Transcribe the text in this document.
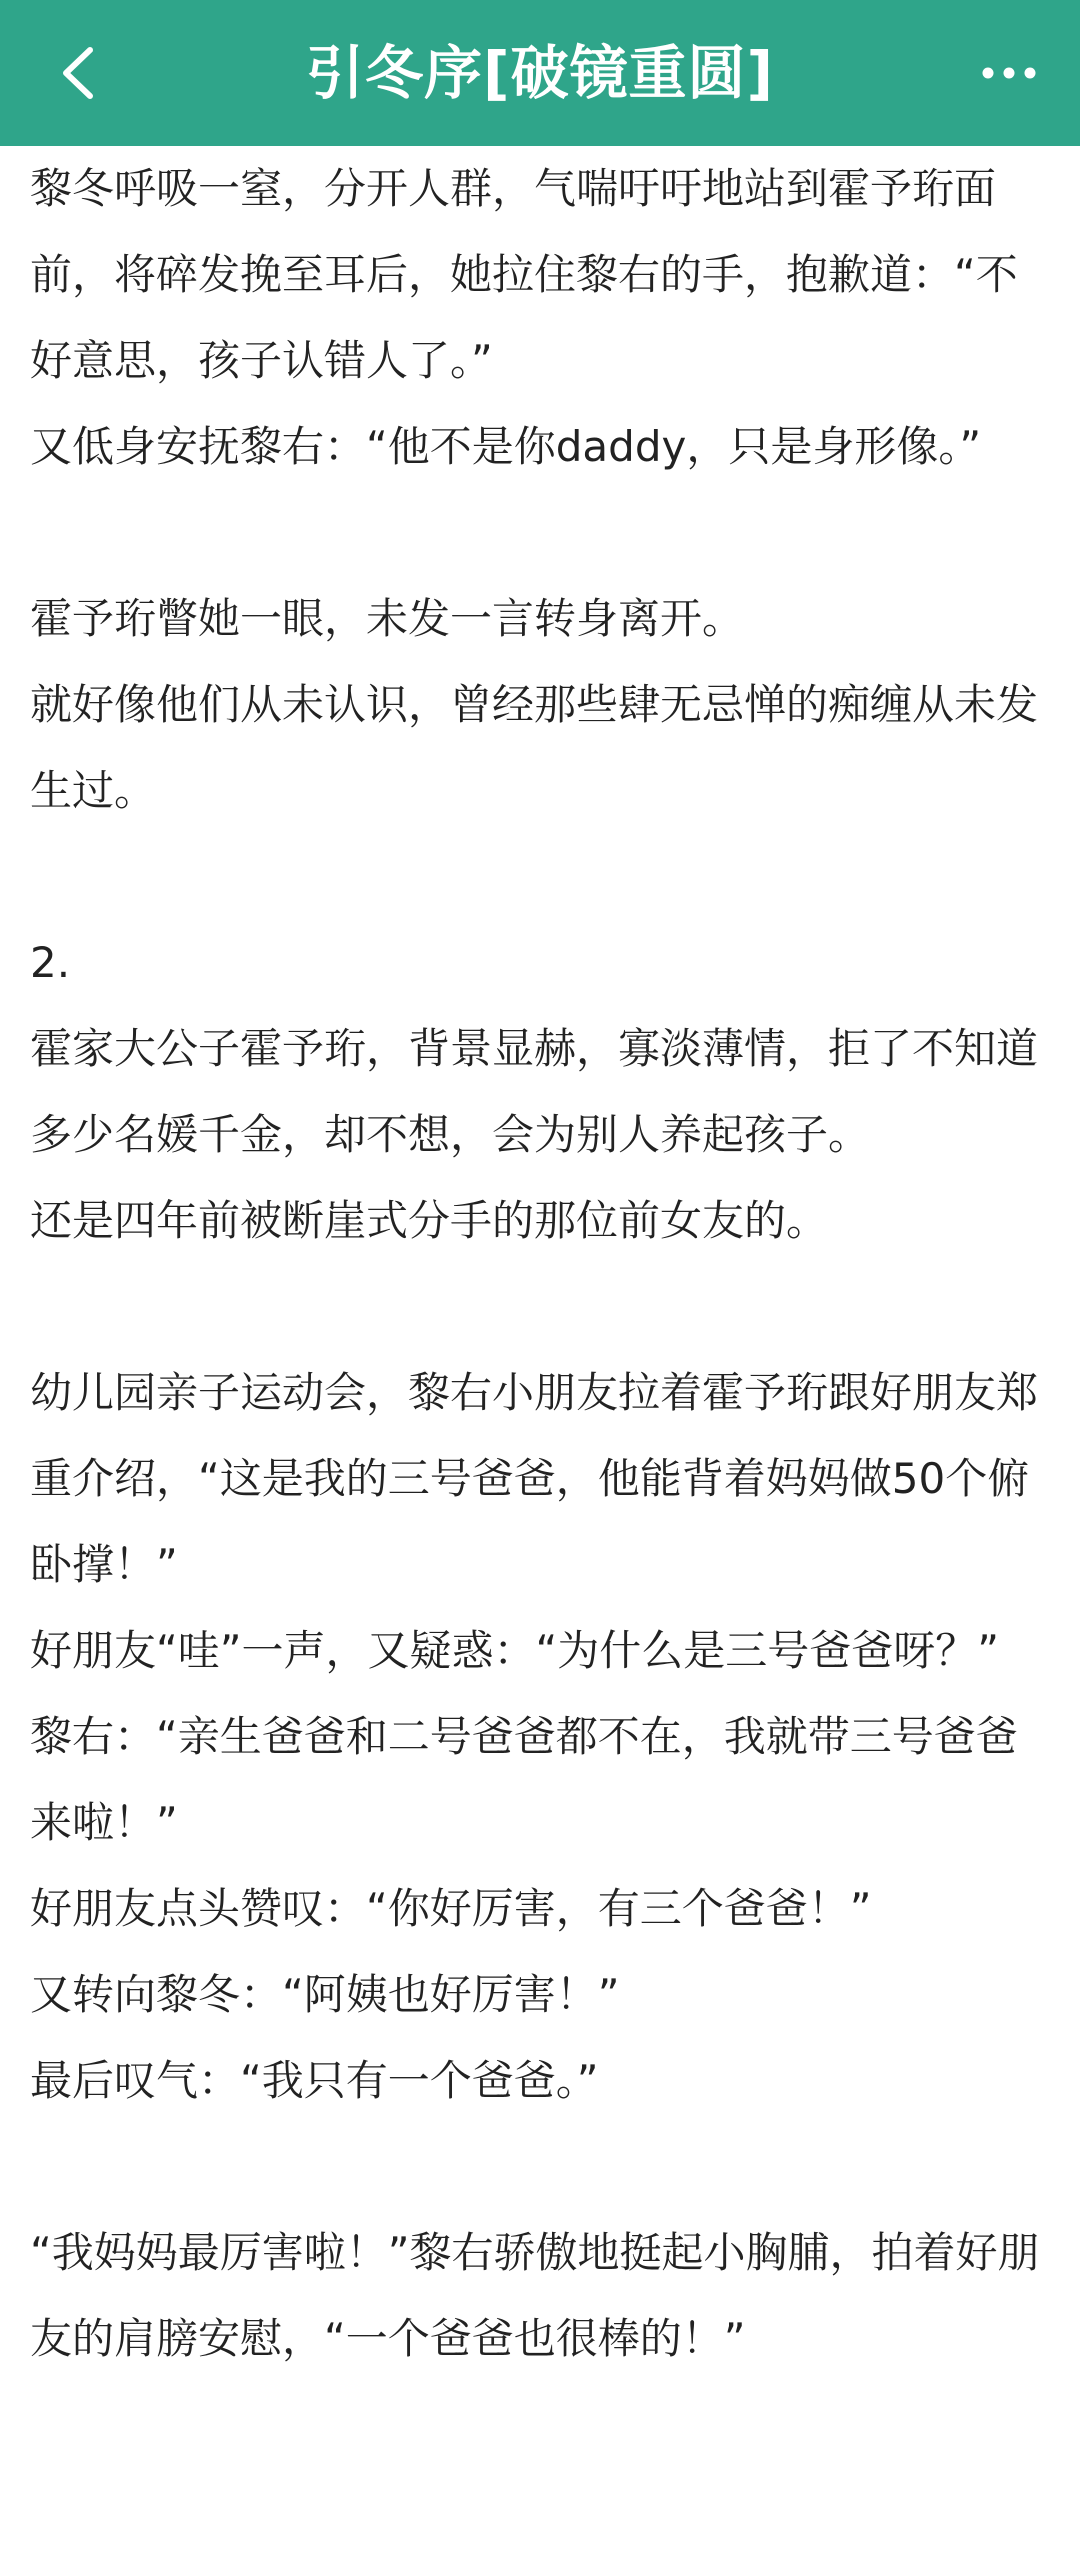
引冬序[破镜重圆]

黎冬呼吸一窒，分开人群，气喘吁吁地站到霍予珩面前，将碎发挽至耳后，她拉住黎右的手，抱歉道：“不好意思，孩子认错人了。”

又低身安抚黎右：“他不是你daddy，只是身形像。”

霍予珩瞥她一眼，未发一言转身离开。

就好像他们从未认识，曾经那些肆无忌惮的痴缠从未发生过。

2.

霍家大公子霍予珩，背景显赫，寡淡薄情，拒了不知道多少名媛千金，却不想，会为别人养起孩子。

还是四年前被断崖式分手的那位前女友的。

幼儿园亲子运动会，黎右小朋友拉着霍予珩跟好朋友郑重介绍，“这是我的三号爸爸，他能背着妈妈做50个俯卧撑！”

好朋友“哇”一声，又疑惑：“为什么是三号爸爸呀？”

黎右：“亲生爸爸和二号爸爸都不在，我就带三号爸爸来啦！”

好朋友点头赞叹：“你好厉害，有三个爸爸！”

又转向黎冬：“阿姨也好厉害！”

最后叹气：“我只有一个爸爸。”

“我妈妈最厉害啦！”黎右骄傲地挺起小胸脯，拍着好朋友的肩膀安慰，“一个爸爸也很棒的！”
